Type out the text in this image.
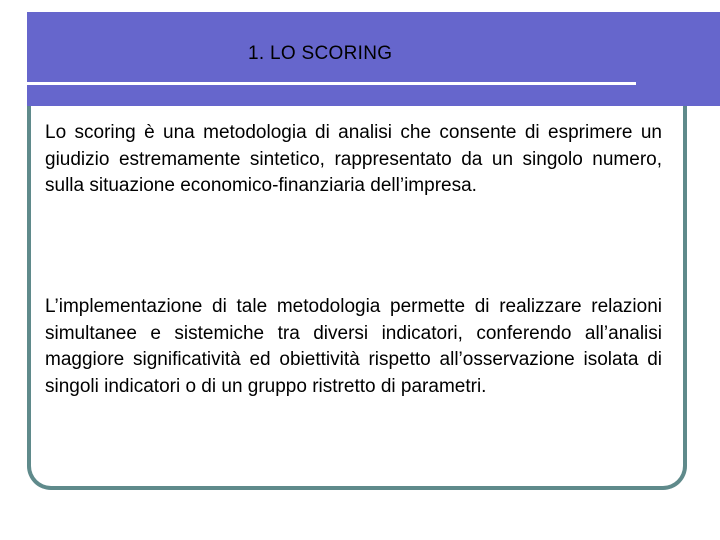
1. LO SCORING

Lo scoring è una metodologia di analisi che consente di esprimere un giudizio estremamente sintetico, rappresentato da un singolo numero, sulla situazione economico-finanziaria dell’impresa.

L’implementazione di tale metodologia permette di realizzare relazioni simultanee e sistemiche tra diversi indicatori, conferendo all’analisi maggiore significatività ed obiettività rispetto all’osservazione isolata di singoli indicatori o di un gruppo ristretto di parametri.
